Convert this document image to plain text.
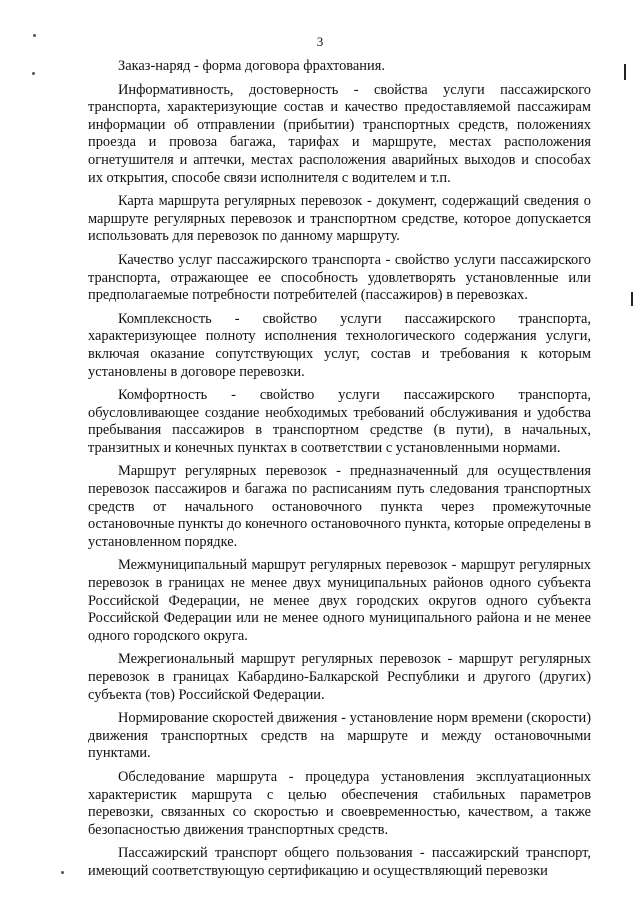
3

Заказ-наряд - форма договора фрахтования.

Информативность, достоверность - свойства услуги пассажирского транспорта, характеризующие состав и качество предоставляемой пассажирам информации об отправлении (прибытии) транспортных средств, положениях проезда и провоза багажа, тарифах и маршруте, местах расположения огнетушителя и аптечки, местах расположения аварийных выходов и способах их открытия, способе связи исполнителя с водителем и т.п.

Карта маршрута регулярных перевозок - документ, содержащий сведения о маршруте регулярных перевозок и транспортном средстве, которое допускается использовать для перевозок по данному маршруту.

Качество услуг пассажирского транспорта - свойство услуги пассажирского транспорта, отражающее ее способность удовлетворять установленные или предполагаемые потребности потребителей (пассажиров) в перевозках.

Комплексность - свойство услуги пассажирского транспорта, характеризующее полноту исполнения технологического содержания услуги, включая оказание сопутствующих услуг, состав и требования к которым установлены в договоре перевозки.

Комфортность - свойство услуги пассажирского транспорта, обусловливающее создание необходимых требований обслуживания и удобства пребывания пассажиров в транспортном средстве (в пути), в начальных, транзитных и конечных пунктах в соответствии с установленными нормами.

Маршрут регулярных перевозок - предназначенный для осуществления перевозок пассажиров и багажа по расписаниям путь следования транспортных средств от начального остановочного пункта через промежуточные остановочные пункты до конечного остановочного пункта, которые определены в установленном порядке.

Межмуниципальный маршрут регулярных перевозок - маршрут регулярных перевозок в границах не менее двух муниципальных районов одного субъекта Российской Федерации, не менее двух городских округов одного субъекта Российской Федерации или не менее одного муниципального района и не менее одного городского округа.

Межрегиональный маршрут регулярных перевозок - маршрут регулярных перевозок в границах Кабардино-Балкарской Республики и другого (других) субъекта (тов) Российской Федерации.

Нормирование скоростей движения - установление норм времени (скорости) движения транспортных средств на маршруте и между остановочными пунктами.

Обследование маршрута - процедура установления эксплуатационных характеристик маршрута с целью обеспечения стабильных параметров перевозки, связанных со скоростью и своевременностью, качеством, а также безопасностью движения транспортных средств.

Пассажирский транспорт общего пользования - пассажирский транспорт, имеющий соответствующую сертификацию и осуществляющий перевозки
